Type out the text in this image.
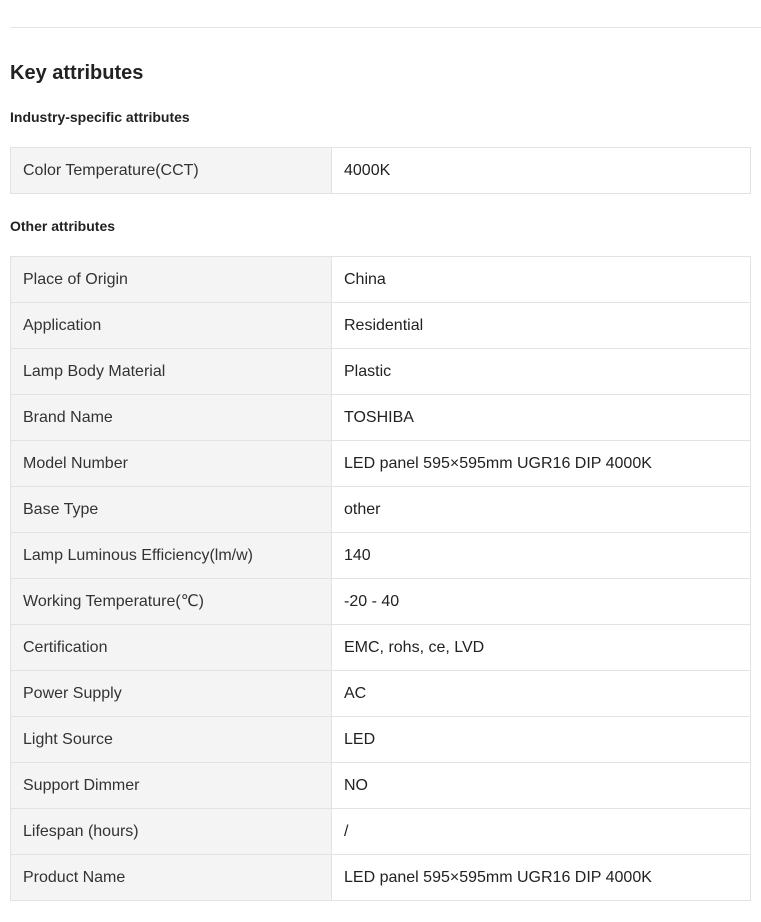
Key attributes
Industry-specific attributes
Color Temperature(CCT)	4000K
Other attributes
Place of Origin	China
Application	Residential
Lamp Body Material	Plastic
Brand Name	TOSHIBA
Model Number	LED panel 595×595mm UGR16 DIP 4000K
Base Type	other
Lamp Luminous Efficiency(lm/w)	140
Working Temperature(℃)	-20 - 40
Certification	EMC, rohs, ce, LVD
Power Supply	AC
Light Source	LED
Support Dimmer	NO
Lifespan (hours)	/
Product Name	LED panel 595×595mm UGR16 DIP 4000K
